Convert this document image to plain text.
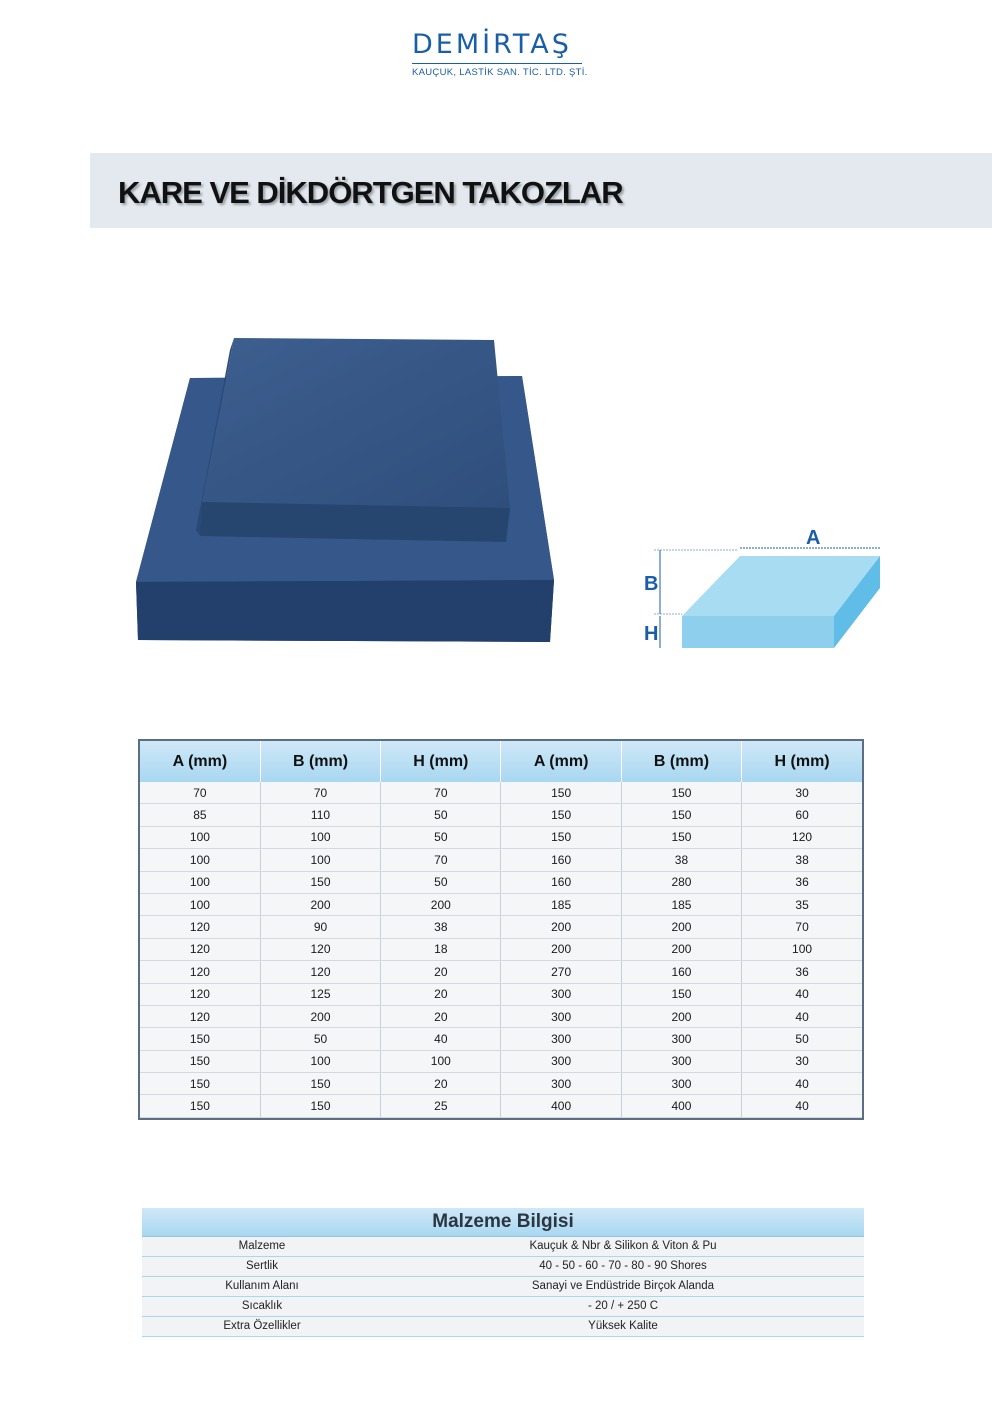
DEMİRTAŞ
KAUÇUK, LASTİK SAN. TİC. LTD. ŞTİ.
KARE VE DİKDÖRTGEN TAKOZLAR
A
B
H
A (mm)	B (mm)	H (mm)	A (mm)	B (mm)	H (mm)
70	70	70	150	150	30
85	110	50	150	150	60
100	100	50	150	150	120
100	100	70	160	38	38
100	150	50	160	280	36
100	200	200	185	185	35
120	90	38	200	200	70
120	120	18	200	200	100
120	120	20	270	160	36
120	125	20	300	150	40
120	200	20	300	200	40
150	50	40	300	300	50
150	100	100	300	300	30
150	150	20	300	300	40
150	150	25	400	400	40
Malzeme Bilgisi
Malzeme	Kauçuk & Nbr & Silikon & Viton & Pu
Sertlik	40 - 50 - 60 - 70 - 80 - 90 Shores
Kullanım Alanı	Sanayi ve Endüstride Birçok Alanda
Sıcaklık	- 20 / + 250 C
Extra Özellikler	Yüksek Kalite
